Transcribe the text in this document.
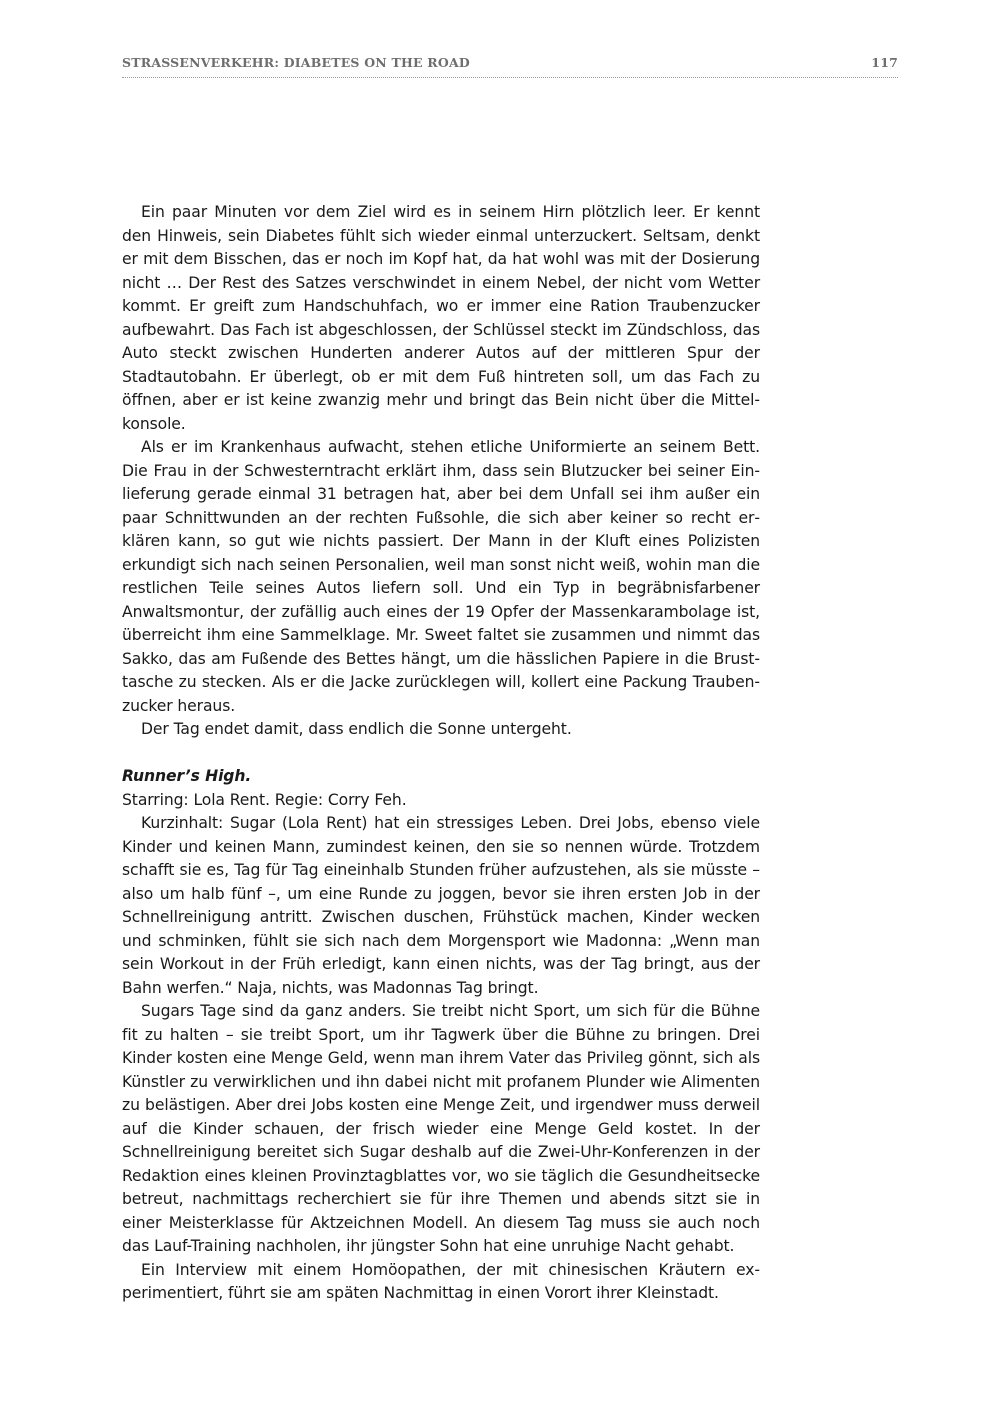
STRASSENVERKEHR: DIABETES ON THE ROAD	117

Ein paar Minuten vor dem Ziel wird es in seinem Hirn plötzlich leer. Er kennt den Hinweis, sein Diabetes fühlt sich wieder einmal unterzuckert. Seltsam, denkt er mit dem Bisschen, das er noch im Kopf hat, da hat wohl was mit der Dosierung nicht … Der Rest des Satzes verschwindet in einem Nebel, der nicht vom Wetter kommt. Er greift zum Handschuhfach, wo er immer eine Ration Traubenzucker aufbewahrt. Das Fach ist abgeschlossen, der Schlüssel steckt im Zündschloss, das Auto steckt zwischen Hunderten anderer Autos auf der mittleren Spur der Stadtautobahn. Er überlegt, ob er mit dem Fuß hintreten soll, um das Fach zu öffnen, aber er ist keine zwanzig mehr und bringt das Bein nicht über die Mittelkonsole.

Als er im Krankenhaus aufwacht, stehen etliche Uniformierte an seinem Bett. Die Frau in der Schwesterntracht erklärt ihm, dass sein Blutzucker bei seiner Einlieferung gerade einmal 31 betragen hat, aber bei dem Unfall sei ihm außer ein paar Schnittwunden an der rechten Fußsohle, die sich aber keiner so recht erklären kann, so gut wie nichts passiert. Der Mann in der Kluft eines Polizisten erkundigt sich nach seinen Personalien, weil man sonst nicht weiß, wohin man die restlichen Teile seines Autos liefern soll. Und ein Typ in begräbnisfarbener Anwaltsmontur, der zufällig auch eines der 19 Opfer der Massenkarambolage ist, überreicht ihm eine Sammelklage. Mr. Sweet faltet sie zusammen und nimmt das Sakko, das am Fußende des Bettes hängt, um die hässlichen Papiere in die Brusttasche zu stecken. Als er die Jacke zurücklegen will, kollert eine Packung Traubenzucker heraus.

Der Tag endet damit, dass endlich die Sonne untergeht.

Runner’s High.

Starring: Lola Rent. Regie: Corry Feh.

Kurzinhalt: Sugar (Lola Rent) hat ein stressiges Leben. Drei Jobs, ebenso viele Kinder und keinen Mann, zumindest keinen, den sie so nennen würde. Trotzdem schafft sie es, Tag für Tag eineinhalb Stunden früher aufzustehen, als sie müsste – also um halb fünf –, um eine Runde zu joggen, bevor sie ihren ersten Job in der Schnellreinigung antritt. Zwischen duschen, Frühstück machen, Kinder wecken und schminken, fühlt sie sich nach dem Morgensport wie Madonna: „Wenn man sein Workout in der Früh erledigt, kann einen nichts, was der Tag bringt, aus der Bahn werfen.“ Naja, nichts, was Madonnas Tag bringt.

Sugars Tage sind da ganz anders. Sie treibt nicht Sport, um sich für die Bühne fit zu halten – sie treibt Sport, um ihr Tagwerk über die Bühne zu bringen. Drei Kinder kosten eine Menge Geld, wenn man ihrem Vater das Privileg gönnt, sich als Künstler zu verwirklichen und ihn dabei nicht mit profanem Plunder wie Alimenten zu belästigen. Aber drei Jobs kosten eine Menge Zeit, und irgendwer muss derweil auf die Kinder schauen, der frisch wieder eine Menge Geld kostet. In der Schnellreinigung bereitet sich Sugar deshalb auf die Zwei-Uhr-Konferenzen in der Redaktion eines kleinen Provinztagblattes vor, wo sie täglich die Gesundheitsecke betreut, nachmittags recherchiert sie für ihre Themen und abends sitzt sie in einer Meisterklasse für Aktzeichnen Modell. An diesem Tag muss sie auch noch das Lauf-Training nachholen, ihr jüngster Sohn hat eine unruhige Nacht gehabt.

Ein Interview mit einem Homöopathen, der mit chinesischen Kräutern experimentiert, führt sie am späten Nachmittag in einen Vorort ihrer Kleinstadt.
